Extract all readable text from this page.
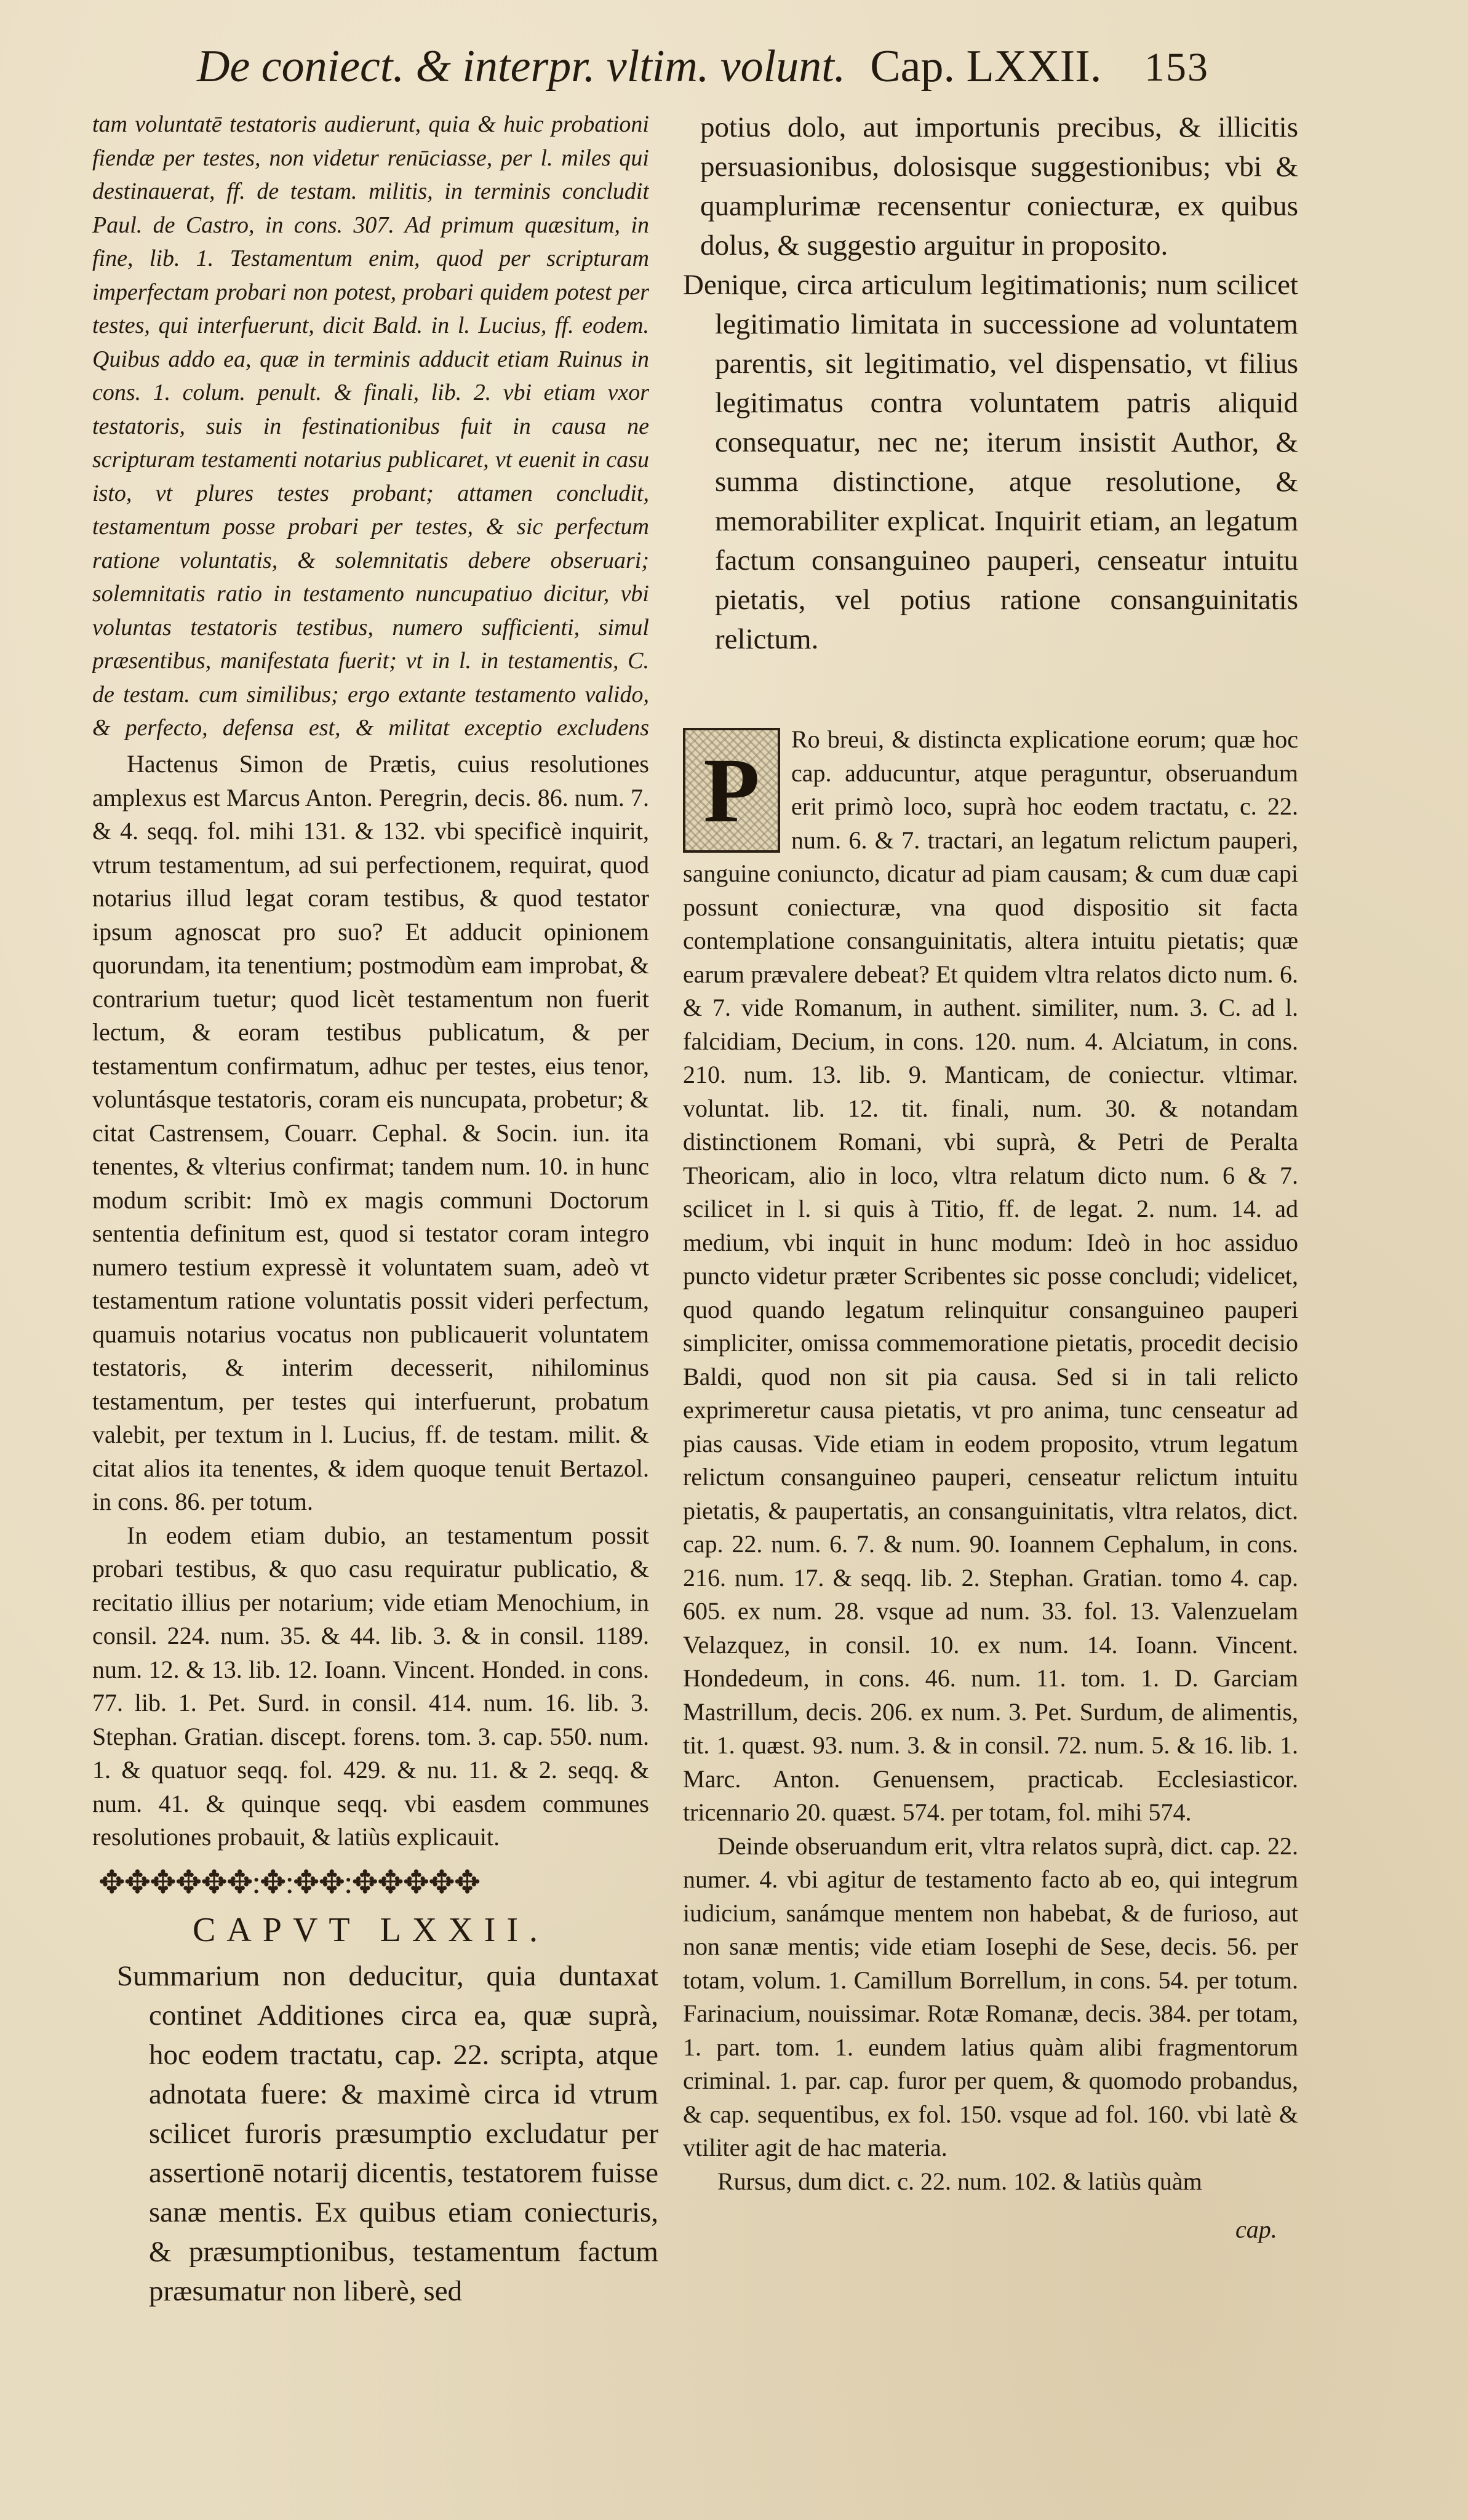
De coniect. & interpr. vltim. volunt. Cap. LXXII. 153

tam voluntatē testatoris audierunt, quia & huic probationi fiendæ per testes, non videtur renūciasse, per l. miles qui destinauerat, ff. de testam. militis, in terminis concludit Paul. de Castro, in cons. 307. Ad primum quæsitum, in fine, lib. 1. Testamentum enim, quod per scripturam imperfectam probari non potest, probari quidem potest per testes, qui interfuerunt, dicit Bald. in l. Lucius, ff. eodem. Quibus addo ea, quæ in terminis adducit etiam Ruinus in cons. 1. colum. penult. & finali, lib. 2. vbi etiam vxor testatoris, suis in festinationibus fuit in causa ne scripturam testamenti notarius publicaret, vt euenit in casu isto, vt plures testes probant; attamen concludit, testamentum posse probari per testes, & sic perfectum ratione voluntatis, & solemnitatis debere obseruari; solemnitatis ratio in testamento nuncupatiuo dicitur, vbi voluntas testatoris testibus, numero sufficienti, simul præsentibus, manifestata fuerit; vt in l. in testamentis, C. de testam. cum similibus; ergo extante testamento valido, & perfecto, defensa est, & militat exceptio excludens

Hactenus Simon de Prætis, cuius resolutiones amplexus est Marcus Anton. Peregrin, decis. 86. num. 7. & 4. seqq. fol. mihi 131. & 132. vbi specificè inquirit, vtrum testamentum, ad sui perfectionem, requirat, quod notarius illud legat coram testibus, & quod testator ipsum agnoscat pro suo? Et adducit opinionem quorundam, ita tenentium; postmodùm eam improbat, & contrarium tuetur; quod licèt testamentum non fuerit lectum, & eoram testibus publicatum, & per testamentum confirmatum, adhuc per testes, eius tenor, voluntásque testatoris, coram eis nuncupata, probetur; & citat Castrensem, Couarr. Cephal. & Socin. iun. ita tenentes, & vlterius confirmat; tandem num. 10. in hunc modum scribit: Imò ex magis communi Doctorum sententia definitum est, quod si testator coram integro numero testium expressè it voluntatem suam, adeò vt testamentum ratione voluntatis possit videri perfectum, quamuis notarius vocatus non publicauerit voluntatem testatoris, & interim decesserit, nihilominus testamentum, per testes qui interfuerunt, probatum valebit, per textum in l. Lucius, ff. de testam. milit. & citat alios ita tenentes, & idem quoque tenuit Bertazol. in cons. 86. per totum.

In eodem etiam dubio, an testamentum possit probari testibus, & quo casu requiratur publicatio, & recitatio illius per notarium; vide etiam Menochium, in consil. 224. num. 35. & 44. lib. 3. & in consil. 1189. num. 12. & 13. lib. 12. Ioann. Vincent. Honded. in cons. 77. lib. 1. Pet. Surd. in consil. 414. num. 16. lib. 3. Stephan. Gratian. discept. forens. tom. 3. cap. 550. num. 1. & quatuor seqq. fol. 429. & nu. 11. & 2. seqq. & num. 41. & quinque seqq. vbi easdem communes resolutiones probauit, & latiùs explicauit.

✥✥✥✥✥✥:✥:✥✥:✥✥✥✥✥
CAPVT LXXII.

Summarium non deducitur, quia duntaxat continet Additiones circa ea, quæ suprà, hoc eodem tractatu, cap. 22. scripta, atque adnotata fuere: & maximè circa id vtrum scilicet furoris præsumptio excludatur per assertionē notarij dicentis, testatorem fuisse sanæ mentis. Ex quibus etiam coniecturis, & præsumptionibus, testamentum factum præsumatur non liberè, sed

potius dolo, aut importunis precibus, & illicitis persuasionibus, dolosisque suggestionibus; vbi & quamplurimæ recensentur coniecturæ, ex quibus dolus, & suggestio arguitur in proposito.

Denique, circa articulum legitimationis; num scilicet legitimatio limitata in successione ad voluntatem parentis, sit legitimatio, vel dispensatio, vt filius legitimatus contra voluntatem patris aliquid consequatur, nec ne; iterum insistit Author, & summa distinctione, atque resolutione, & memorabiliter explicat. Inquirit etiam, an legatum factum consanguineo pauperi, censeatur intuitu pietatis, vel potius ratione consanguinitatis relictum.

P	Ro breui, & distincta explicatione eorum; quæ hoc cap. adducuntur, atque peraguntur, obseruandum erit primò loco, suprà hoc eodem tractatu, c. 22. num. 6. & 7. tractari, an legatum relictum pauperi, sanguine coniuncto, dicatur ad piam causam; & cum duæ capi possunt coniecturæ, vna quod dispositio sit facta contemplatione consanguinitatis, altera intuitu pietatis; quæ earum prævalere debeat? Et quidem vltra relatos dicto num. 6. & 7. vide Romanum, in authent. similiter, num. 3. C. ad l. falcidiam, Decium, in cons. 120. num. 4. Alciatum, in cons. 210. num. 13. lib. 9. Manticam, de coniectur. vltimar. voluntat. lib. 12. tit. finali, num. 30. & notandam distinctionem Romani, vbi suprà, & Petri de Peralta Theoricam, alio in loco, vltra relatum dicto num. 6 & 7. scilicet in l. si quis à Titio, ff. de legat. 2. num. 14. ad medium, vbi inquit in hunc modum: Ideò in hoc assiduo puncto videtur præter Scribentes sic posse concludi; videlicet, quod quando legatum relinquitur consanguineo pauperi simpliciter, omissa commemoratione pietatis, procedit decisio Baldi, quod non sit pia causa. Sed si in tali relicto exprimeretur causa pietatis, vt pro anima, tunc censeatur ad pias causas. Vide etiam in eodem proposito, vtrum legatum relictum consanguineo pauperi, censeatur relictum intuitu pietatis, & paupertatis, an consanguinitatis, vltra relatos, dict. cap. 22. num. 6. 7. & num. 90. Ioannem Cephalum, in cons. 216. num. 17. & seqq. lib. 2. Stephan. Gratian. tomo 4. cap. 605. ex num. 28. vsque ad num. 33. fol. 13. Valenzuelam Velazquez, in consil. 10. ex num. 14. Ioann. Vincent. Hondedeum, in cons. 46. num. 11. tom. 1. D. Garciam Mastrillum, decis. 206. ex num. 3. Pet. Surdum, de alimentis, tit. 1. quæst. 93. num. 3. & in consil. 72. num. 5. & 16. lib. 1. Marc. Anton. Genuensem, practicab. Ecclesiasticor. tricennario 20. quæst. 574. per totam, fol. mihi 574.

Deinde obseruandum erit, vltra relatos suprà, dict. cap. 22. numer. 4. vbi agitur de testamento facto ab eo, qui integrum iudicium, sanámque mentem non habebat, & de furioso, aut non sanæ mentis; vide etiam Iosephi de Sese, decis. 56. per totam, volum. 1. Camillum Borrellum, in cons. 54. per totum. Farinacium, nouissimar. Rotæ Romanæ, decis. 384. per totam, 1. part. tom. 1. eundem latius quàm alibi fragmentorum criminal. 1. par. cap. furor per quem, & quomodo probandus, & cap. sequentibus, ex fol. 150. vsque ad fol. 160. vbi latè & vtiliter agit de hac materia.

Rursus, dum dict. c. 22. num. 102. & latiùs quàm

cap.
